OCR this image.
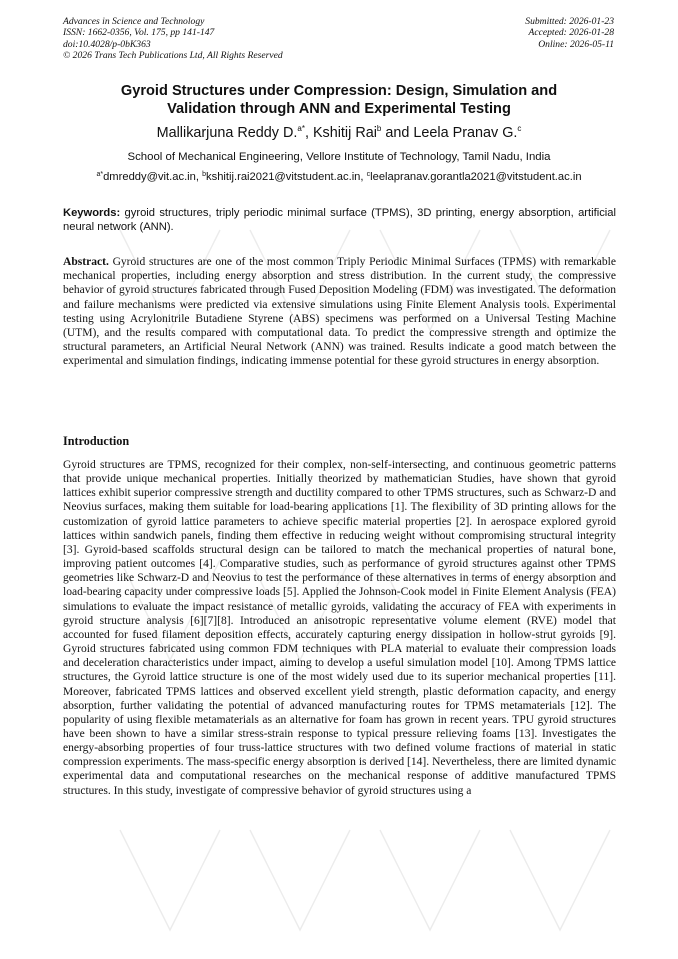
Advances in Science and Technology
ISSN: 1662-0356, Vol. 175, pp 141-147
doi:10.4028/p-0bK363
© 2026 Trans Tech Publications Ltd, All Rights Reserved
Submitted: 2026-01-23
Accepted: 2026-01-28
Online: 2026-05-11
Gyroid Structures under Compression: Design, Simulation and
Validation through ANN and Experimental Testing
Mallikarjuna Reddy D.$^{a*}$, Kshitij Rai$^b$ and Leela Pranav G.$^c$
School of Mechanical Engineering, Vellore Institute of Technology, Tamil Nadu, India
$^{a*}$dmreddy@vit.ac.in, $^b$kshitij.rai2021@vitstudent.ac.in, $^c$leelapranav.gorantla2021@vitstudent.ac.in
Keywords: gyroid structures, triply periodic minimal surface (TPMS), 3D printing, energy absorption, artificial neural network (ANN).
Abstract. Gyroid structures are one of the most common Triply Periodic Minimal Surfaces (TPMS) with remarkable mechanical properties, including energy absorption and stress distribution. In the current study, the compressive behavior of gyroid structures fabricated through Fused Deposition Modeling (FDM) was investigated. The deformation and failure mechanisms were predicted via extensive simulations using Finite Element Analysis tools. Experimental testing using Acrylonitrile Butadiene Styrene (ABS) specimens was performed on a Universal Testing Machine (UTM), and the results compared with computational data. To predict the compressive strength and optimize the structural parameters, an Artificial Neural Network (ANN) was trained. Results indicate a good match between the experimental and simulation findings, indicating immense potential for these gyroid structures in energy absorption.
Introduction
Gyroid structures are TPMS, recognized for their complex, non-self-intersecting, and continuous geometric patterns that provide unique mechanical properties. Initially theorized by mathematician Studies, have shown that gyroid lattices exhibit superior compressive strength and ductility compared to other TPMS structures, such as Schwarz-D and Neovius surfaces, making them suitable for load-bearing applications [1]. The flexibility of 3D printing allows for the customization of gyroid lattice parameters to achieve specific material properties [2]. In aerospace explored gyroid lattices within sandwich panels, finding them effective in reducing weight without compromising structural integrity [3]. Gyroid-based scaffolds structural design can be tailored to match the mechanical properties of natural bone, improving patient outcomes [4]. Comparative studies, such as performance of gyroid structures against other TPMS geometries like Schwarz-D and Neovius to test the performance of these alternatives in terms of energy absorption and load-bearing capacity under compressive loads [5]. Applied the Johnson-Cook model in Finite Element Analysis (FEA) simulations to evaluate the impact resistance of metallic gyroids, validating the accuracy of FEA with experiments in gyroid structure analysis [6][7][8]. Introduced an anisotropic representative volume element (RVE) model that accounted for fused filament deposition effects, accurately capturing energy dissipation in hollow-strut gyroids [9]. Gyroid structures fabricated using common FDM techniques with PLA material to evaluate their compression loads and deceleration characteristics under impact, aiming to develop a useful simulation model [10]. Among TPMS lattice structures, the Gyroid lattice structure is one of the most widely used due to its superior mechanical properties [11]. Moreover, fabricated TPMS lattices and observed excellent yield strength, plastic deformation capacity, and energy absorption, further validating the potential of advanced manufacturing routes for TPMS metamaterials [12]. The popularity of using flexible metamaterials as an alternative for foam has grown in recent years. TPU gyroid structures have been shown to have a similar stress-strain response to typical pressure relieving foams [13]. Investigates the energy-absorbing properties of four truss-lattice structures with two defined volume fractions of material in static compression experiments. The mass-specific energy absorption is derived [14]. Nevertheless, there are limited dynamic experimental data and computational researches on the mechanical response of additive manufactured TPMS structures. In this study, investigate of compressive behavior of gyroid structures using a
